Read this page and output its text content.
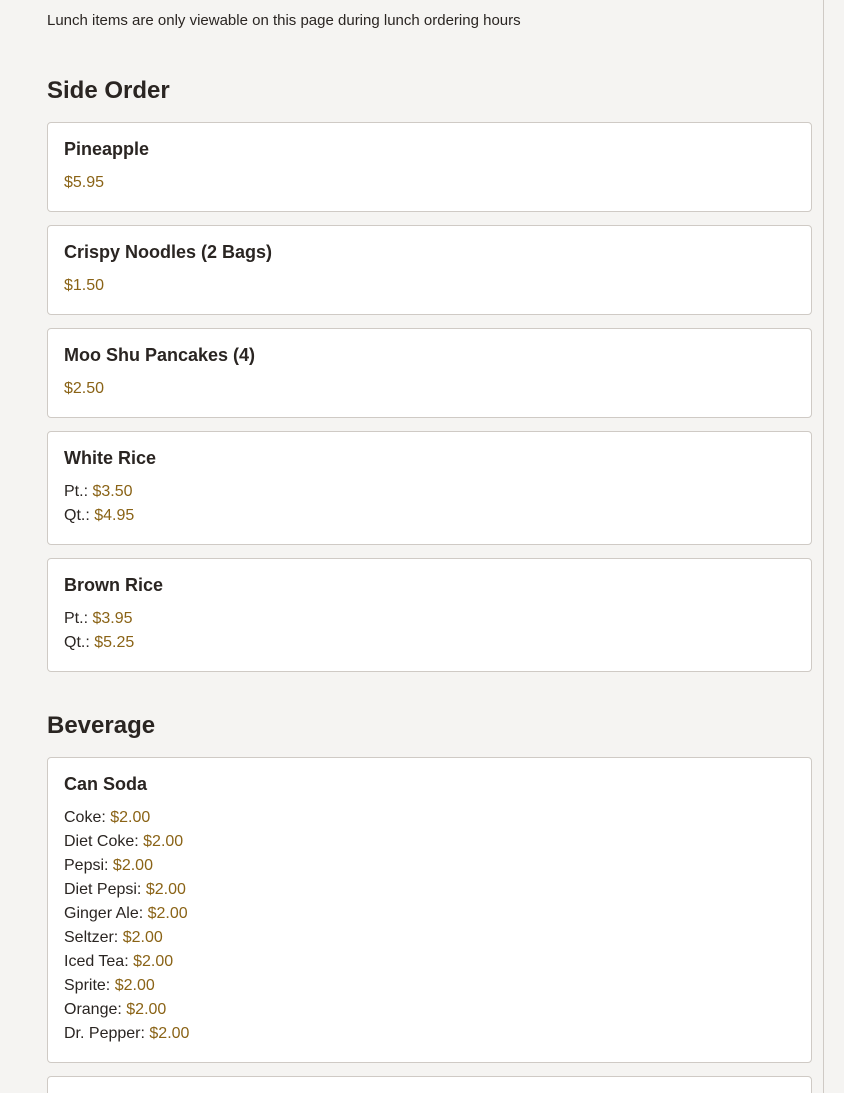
Lunch items are only viewable on this page during lunch ordering hours
Side Order
Pineapple
$5.95
Crispy Noodles (2 Bags)
$1.50
Moo Shu Pancakes (4)
$2.50
White Rice
Pt.: $3.50
Qt.: $4.95
Brown Rice
Pt.: $3.95
Qt.: $5.25
Beverage
Can Soda
Coke: $2.00
Diet Coke: $2.00
Pepsi: $2.00
Diet Pepsi: $2.00
Ginger Ale: $2.00
Seltzer: $2.00
Iced Tea: $2.00
Sprite: $2.00
Orange: $2.00
Dr. Pepper: $2.00
